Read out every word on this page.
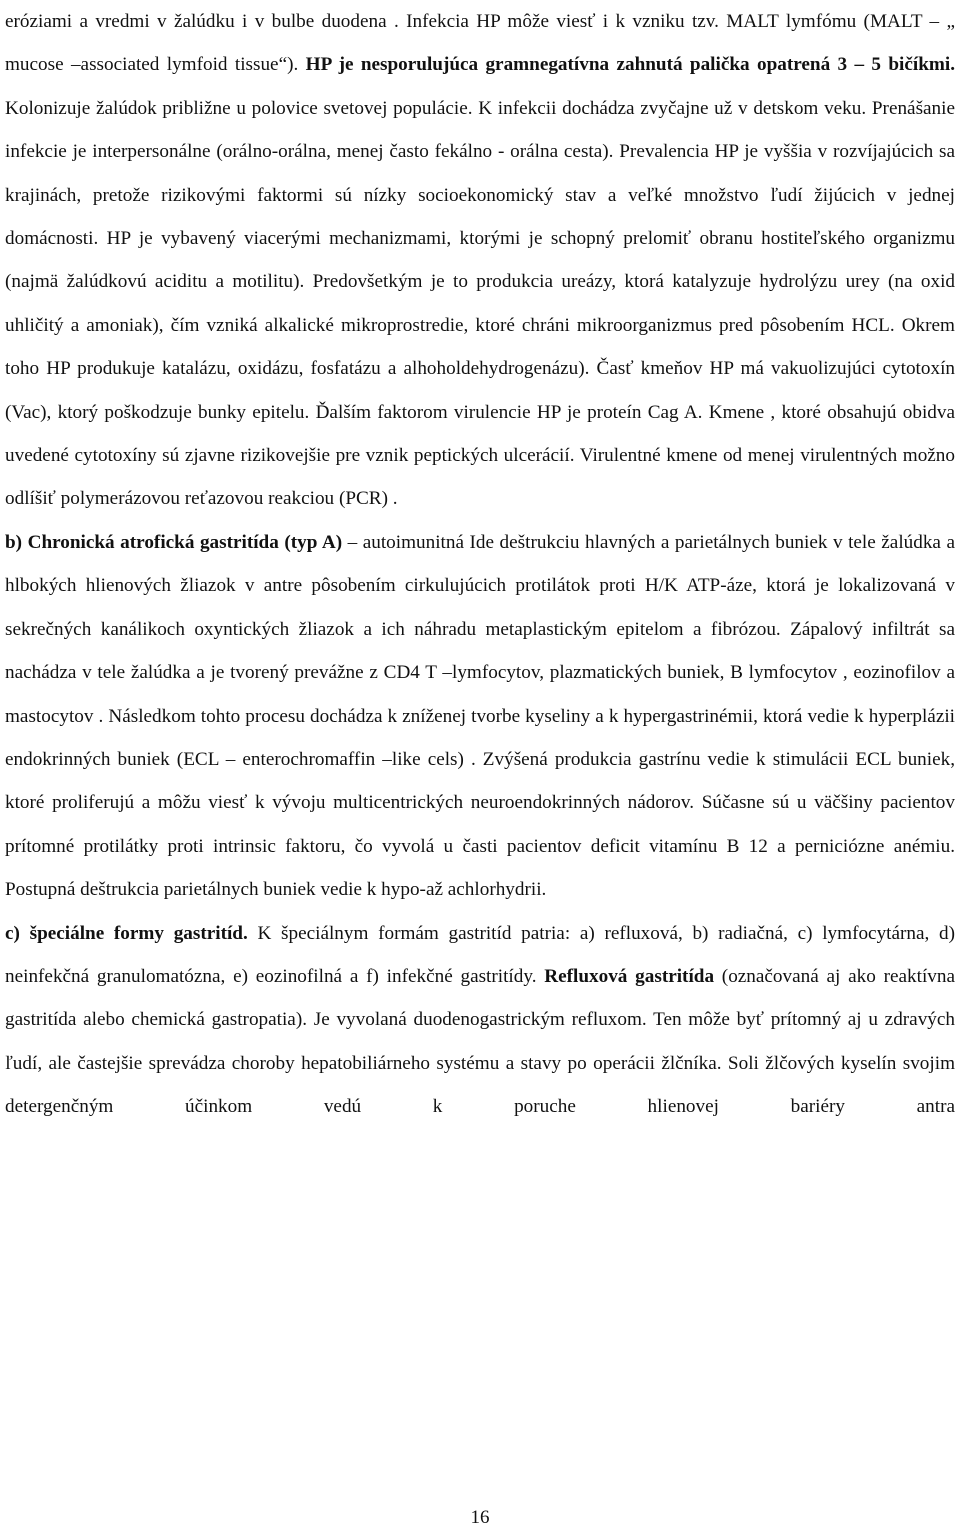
eróziami a vredmi v žalúdku i v bulbe duodena . Infekcia HP môže viesť i k vzniku tzv. MALT lymfómu (MALT – „ mucose –associated lymfoid tissue“). HP je nesporulujúca gramnegatívna zahnutá palička opatrená 3 – 5 bičíkmi. Kolonizuje žalúdok približne u polovice svetovej populácie. K infekcii dochádza zvyčajne už v detskom veku. Prenášanie infekcie je interpersonálne (orálno-orálna, menej často fekálno - orálna cesta). Prevalencia HP je vyššia v rozvíjajúcich sa krajinách, pretože rizikovými faktormi sú nízky socioekonomický stav a veľké množstvo ľudí žijúcich v jednej domácnosti. HP je vybavený viacerými mechanizmami, ktorými je schopný prelomiť obranu hostiteľského organizmu (najmä žalúdkovú aciditu a motilitu). Predovšetkým je to produkcia ureázy, ktorá katalyzuje hydrolýzu urey (na oxid uhličitý a amoniak), čím vzniká alkalické mikroprostredie, ktoré chráni mikroorganizmus pred pôsobením HCL. Okrem toho HP produkuje katalázu, oxidázu, fosfatázu a alhoholdehydrogenázu). Časť kmeňov HP má vakuolizujúci cytotoxín (Vac), ktorý poškodzuje bunky epitelu. Ďalším faktorom virulencie HP je proteín Cag A. Kmene , ktoré obsahujú obidva uvedené cytotoxíny sú zjavne rizikovejšie pre vznik peptických ulcerácií. Virulentné kmene od menej virulentných možno odlíšiť polymerázovou reťazovou reakciou (PCR) .

b) Chronická atrofická gastritída (typ A) – autoimunitná Ide deštrukciu hlavných a parietálnych buniek v tele žalúdka a hlbokých hlienových žliazok v antre pôsobením cirkulujúcich protilátok proti H/K ATP-áze, ktorá je lokalizovaná v sekrečných kanálikoch oxyntických žliazok a ich náhradu metaplastickým epitelom a fibrózou. Zápalový infiltrát sa nachádza v tele žalúdka a je tvorený prevážne z CD4 T –lymfocytov, plazmatických buniek, B lymfocytov , eozinofilov a mastocytov . Následkom tohto procesu dochádza k zníženej tvorbe kyseliny a k hypergastrinémii, ktorá vedie k hyperplázii endokrinných buniek (ECL – enterochromaffin –like cels) . Zvýšená produkcia gastrínu vedie k stimulácii ECL buniek, ktoré proliferujú a môžu viesť k vývoju multicentrických neuroendokrinných nádorov. Súčasne sú u väčšiny pacientov prítomné protilátky proti intrinsic faktoru, čo vyvolá u časti pacientov deficit vitamínu B 12 a perniciózne anémiu. Postupná deštrukcia parietálnych buniek vedie k hypo-až achlorhydrii.

c) špeciálne formy gastritíd. K špeciálnym formám gastritíd patria: a) refluxová, b) radiačná, c) lymfocytárna, d) neinfekčná granulomatózna, e) eozinofilná a f) infekčné gastritídy. Refluxová gastritída (označovaná aj ako reaktívna gastritída alebo chemická gastropatia). Je vyvolaná duodenogastrickým refluxom. Ten môže byť prítomný aj u zdravých ľudí, ale častejšie sprevádza choroby hepatobiliárneho systému a stavy po operácii žlčníka. Soli žlčových kyselín svojim detergenčným účinkom vedú k poruche hlienovej bariéry antra

16
